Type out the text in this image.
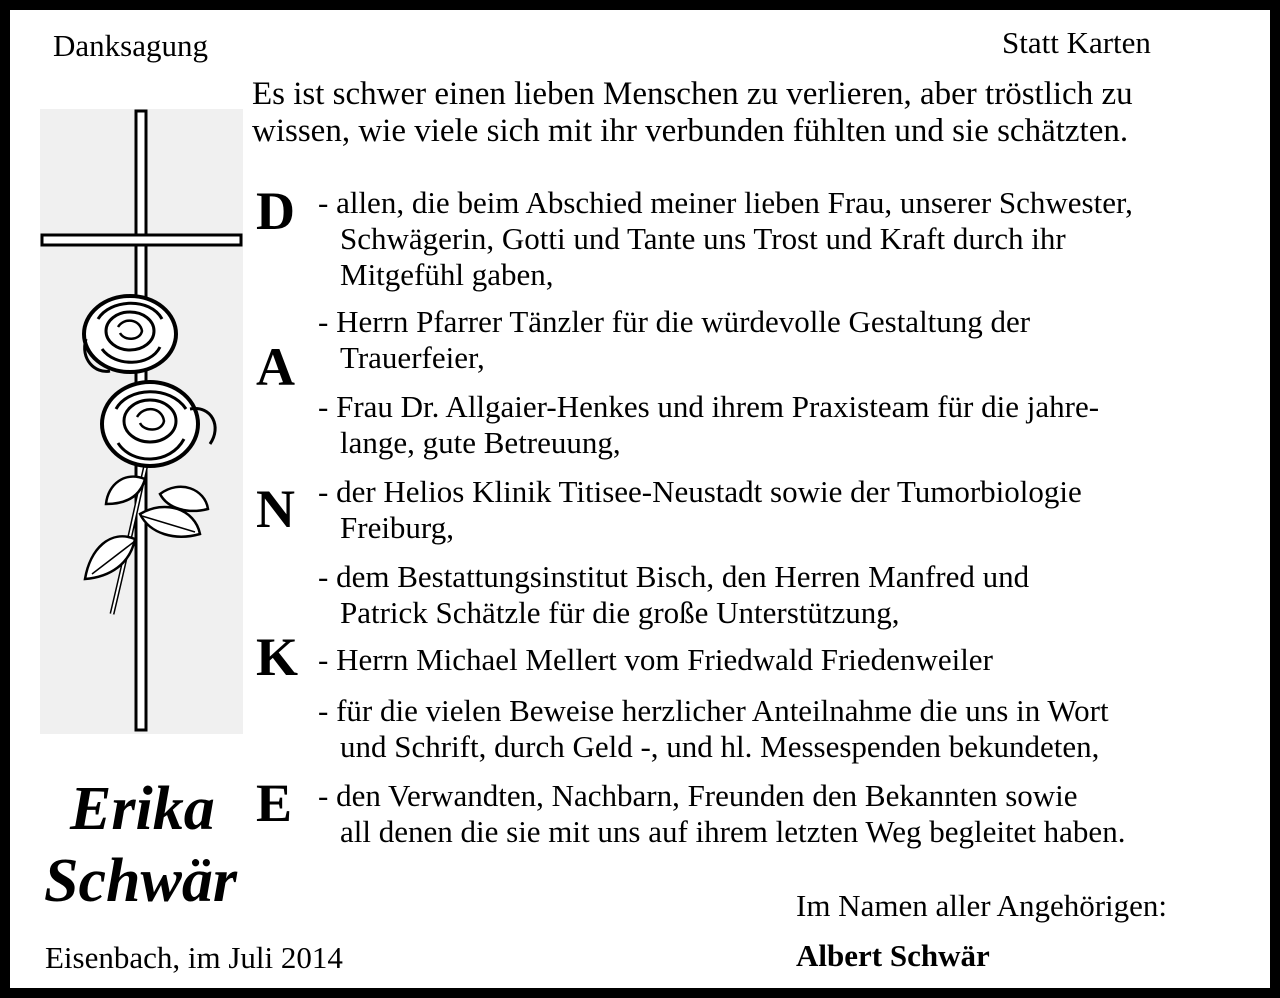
Danksagung	Statt Karten
Es ist schwer einen lieben Menschen zu verlieren, aber tröstlich zu
wissen, wie viele sich mit ihr verbunden fühlten und sie schätzten.
D
A
N
K
E
- allen, die beim Abschied meiner lieben Frau, unserer Schwester,
Schwägerin, Gotti und Tante uns Trost und Kraft durch ihr
Mitgefühl gaben,
- Herrn Pfarrer Tänzler für die würdevolle Gestaltung der
Trauerfeier,
- Frau Dr. Allgaier-Henkes und ihrem Praxisteam für die jahre-
lange, gute Betreuung,
- der Helios Klinik Titisee-Neustadt sowie der Tumorbiologie
Freiburg,
- dem Bestattungsinstitut Bisch, den Herren Manfred und
Patrick Schätzle für die große Unterstützung,
- Herrn Michael Mellert vom Friedwald Friedenweiler
- für die vielen Beweise herzlicher Anteilnahme die uns in Wort
und Schrift, durch Geld -, und hl. Messespenden bekundeten,
- den Verwandten, Nachbarn, Freunden den Bekannten sowie
all denen die sie mit uns auf ihrem letzten Weg begleitet haben.
Erika
Schwär
Eisenbach, im Juli 2014
Im Namen aller Angehörigen:
Albert Schwär
